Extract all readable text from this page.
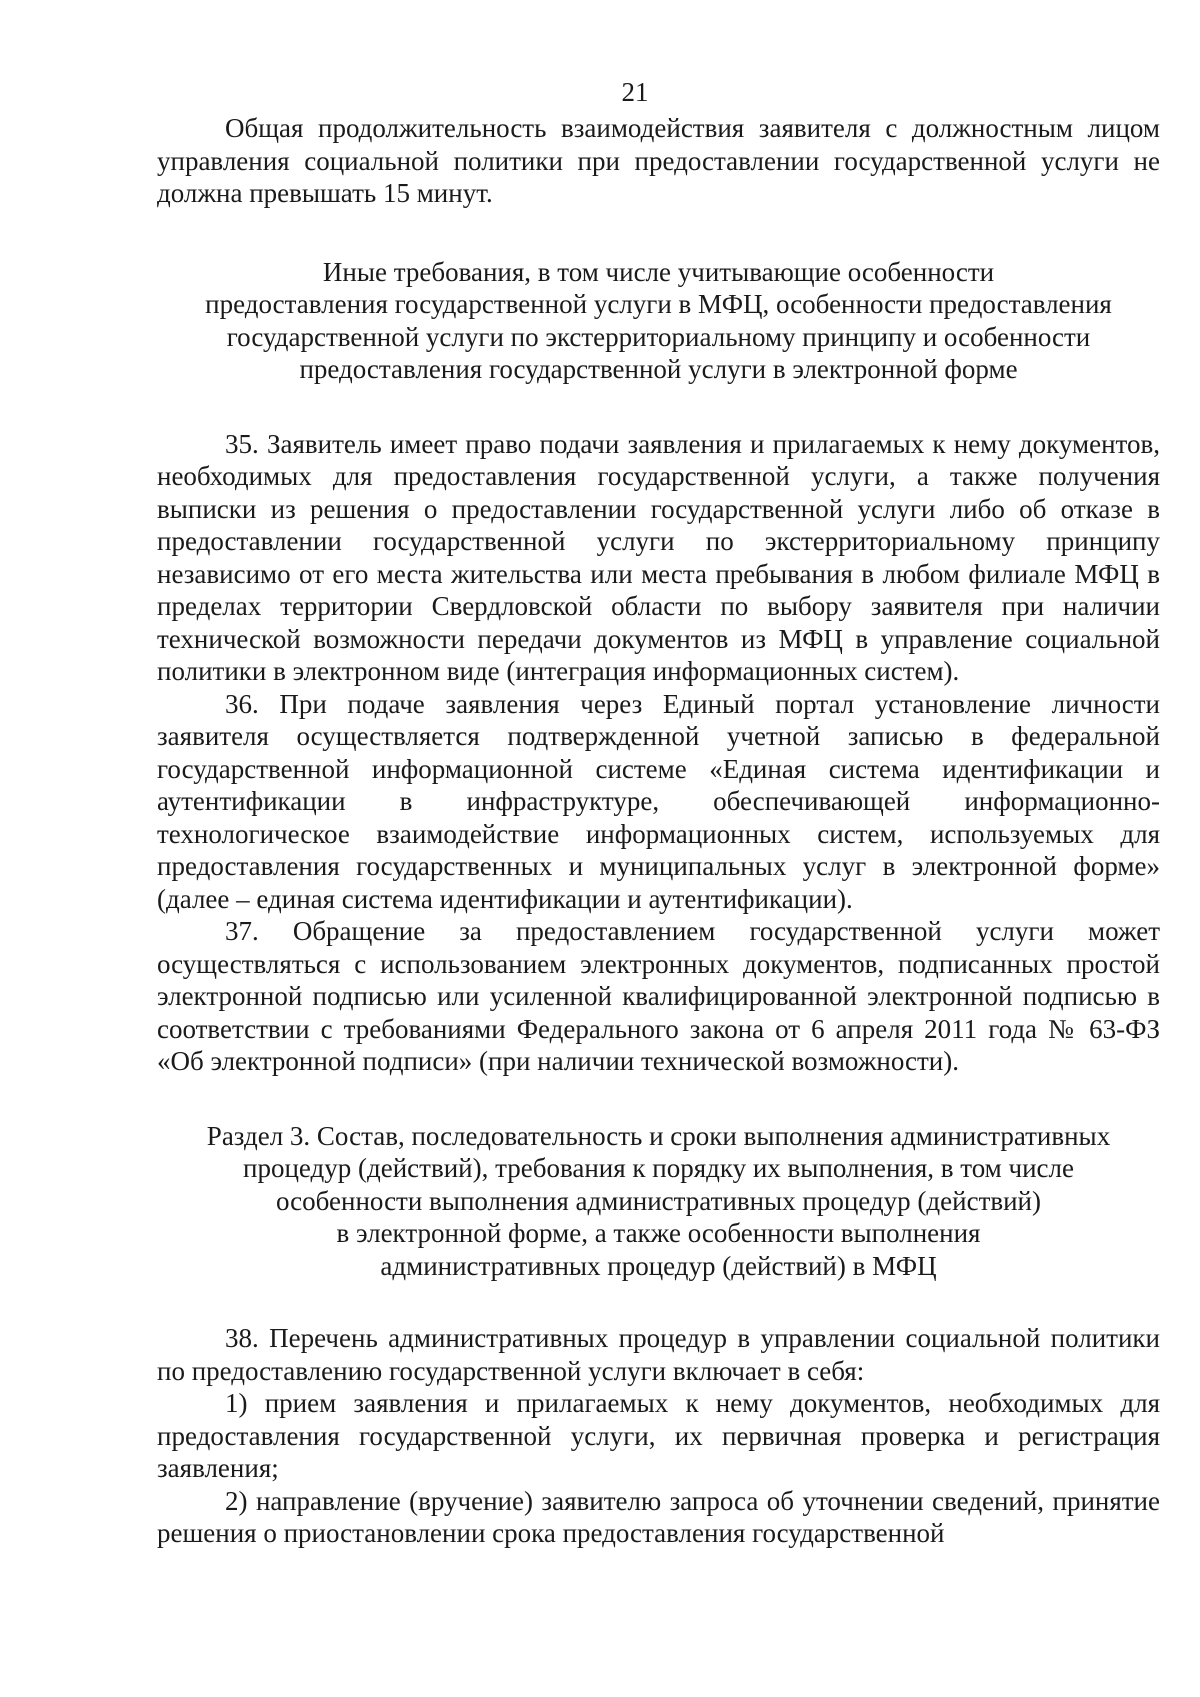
21

Общая продолжительность взаимодействия заявителя с должностным лицом управления социальной политики при предоставлении государственной услуги не должна превышать 15 минут.

Иные требования, в том числе учитывающие особенности
предоставления государственной услуги в МФЦ, особенности предоставления
государственной услуги по экстерриториальному принципу и особенности
предоставления государственной услуги в электронной форме

35. Заявитель имеет право подачи заявления и прилагаемых к нему документов, необходимых для предоставления государственной услуги, а также получения выписки из решения о предоставлении государственной услуги либо об отказе в предоставлении государственной услуги по экстерриториальному принципу независимо от его места жительства или места пребывания в любом филиале МФЦ в пределах территории Свердловской области по выбору заявителя при наличии технической возможности передачи документов из МФЦ в управление социальной политики в электронном виде (интеграция информационных систем).

36. При подаче заявления через Единый портал установление личности заявителя осуществляется подтвержденной учетной записью в федеральной государственной информационной системе «Единая система идентификации и аутентификации в инфраструктуре, обеспечивающей информационно-технологическое взаимодействие информационных систем, используемых для предоставления государственных и муниципальных услуг в электронной форме» (далее – единая система идентификации и аутентификации).

37. Обращение за предоставлением государственной услуги может осуществляться с использованием электронных документов, подписанных простой электронной подписью или усиленной квалифицированной электронной подписью в соответствии с требованиями Федерального закона от 6 апреля 2011 года № 63-ФЗ «Об электронной подписи» (при наличии технической возможности).

Раздел 3. Состав, последовательность и сроки выполнения административных
процедур (действий), требования к порядку их выполнения, в том числе
особенности выполнения административных процедур (действий)
в электронной форме, а также особенности выполнения
административных процедур (действий) в МФЦ

38. Перечень административных процедур в управлении социальной политики по предоставлению государственной услуги включает в себя:

1) прием заявления и прилагаемых к нему документов, необходимых для предоставления государственной услуги, их первичная проверка и регистрация заявления;

2) направление (вручение) заявителю запроса об уточнении сведений, принятие решения о приостановлении срока предоставления государственной
